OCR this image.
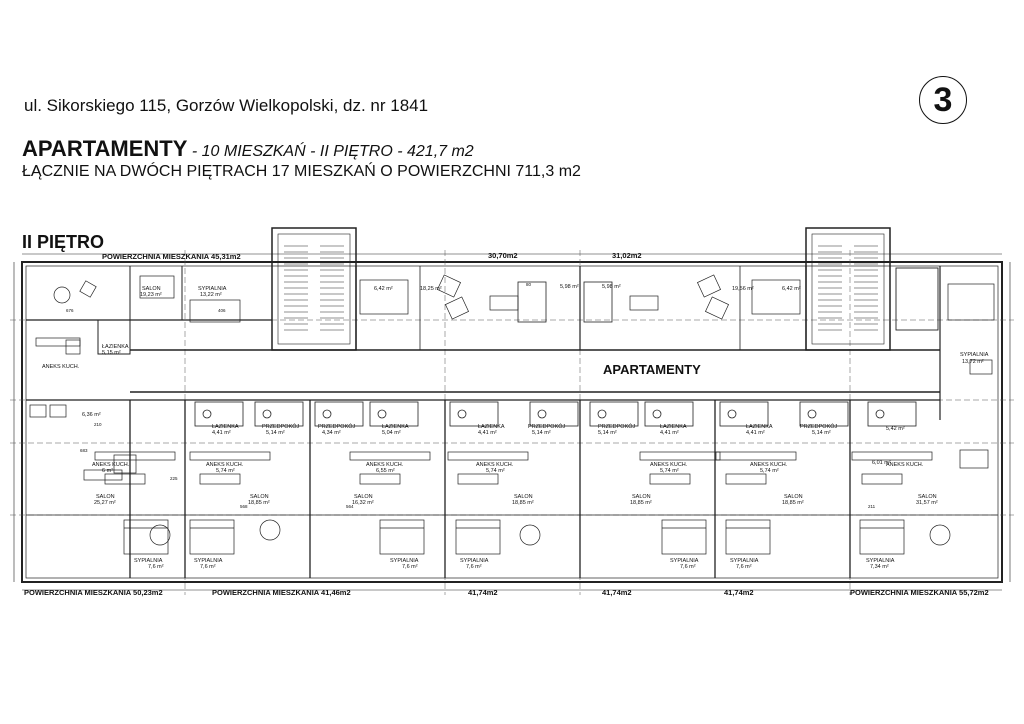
ul. Sikorskiego 115, Gorzów Wielkopolski, dz. nr 1841	3
APARTAMENTY - 10 MIESZKAŃ - II PIĘTRO - 421,7 m2
ŁĄCZNIE NA DWÓCH PIĘTRACH 17 MIESZKAŃ O POWIERZCHNI 711,3 m2
II PIĘTRO
POWIERZCHNIA MIESZKANIA 45,31m2	30,70m2	31,02m2
POWIERZCHNIA MIESZKANIA 50,23m2	POWIERZCHNIA MIESZKANIA 41,46m2	41,74m2	41,74m2	41,74m2	POWIERZCHNIA MIESZKANIA 55,72m2
APARTAMENTY
SALON
19,23 m²
SYPIALNIA
13,22 m²
ŁAZIENKA
5,15 m²
ANEKS KUCH.
6,42 m²	18,25 m²	5,98 m²	5,98 m²	19,56 m²	6,42 m²
SYPIALNIA
13,72 m²
6,36 m²
ŁAZIENKA
4,41 m²
PRZEDPOKÓJ
5,14 m²
PRZEDPOKÓJ
4,34 m²
ŁAZIENKA
5,04 m²
ŁAZIENKA
4,41 m²
PRZEDPOKÓJ
5,14 m²
PRZEDPOKÓJ
5,14 m²
ŁAZIENKA
4,41 m²
ŁAZIENKA
4,41 m²
PRZEDPOKÓJ
5,14 m²
5,42 m²
ANEKS KUCH.
6 m²
ANEKS KUCH.
5,74 m²
ANEKS KUCH.
6,55 m²
ANEKS KUCH.
5,74 m²
ANEKS KUCH.
5,74 m²
ANEKS KUCH.
5,74 m²
ANEKS KUCH.
6,01 m²
SALON
25,27 m²
SALON
18,85 m²
SALON
16,32 m²
SALON
18,85 m²
SALON
18,85 m²
SALON
18,85 m²
SALON
31,57 m²
SYPIALNIA
7,6 m²
SYPIALNIA
7,6 m²
SYPIALNIA
7,6 m²
SYPIALNIA
7,6 m²
SYPIALNIA
7,6 m²
SYPIALNIA
7,6 m²
SYPIALNIA
7,34 m²
676	406
683
210
568	564
80
211
225
